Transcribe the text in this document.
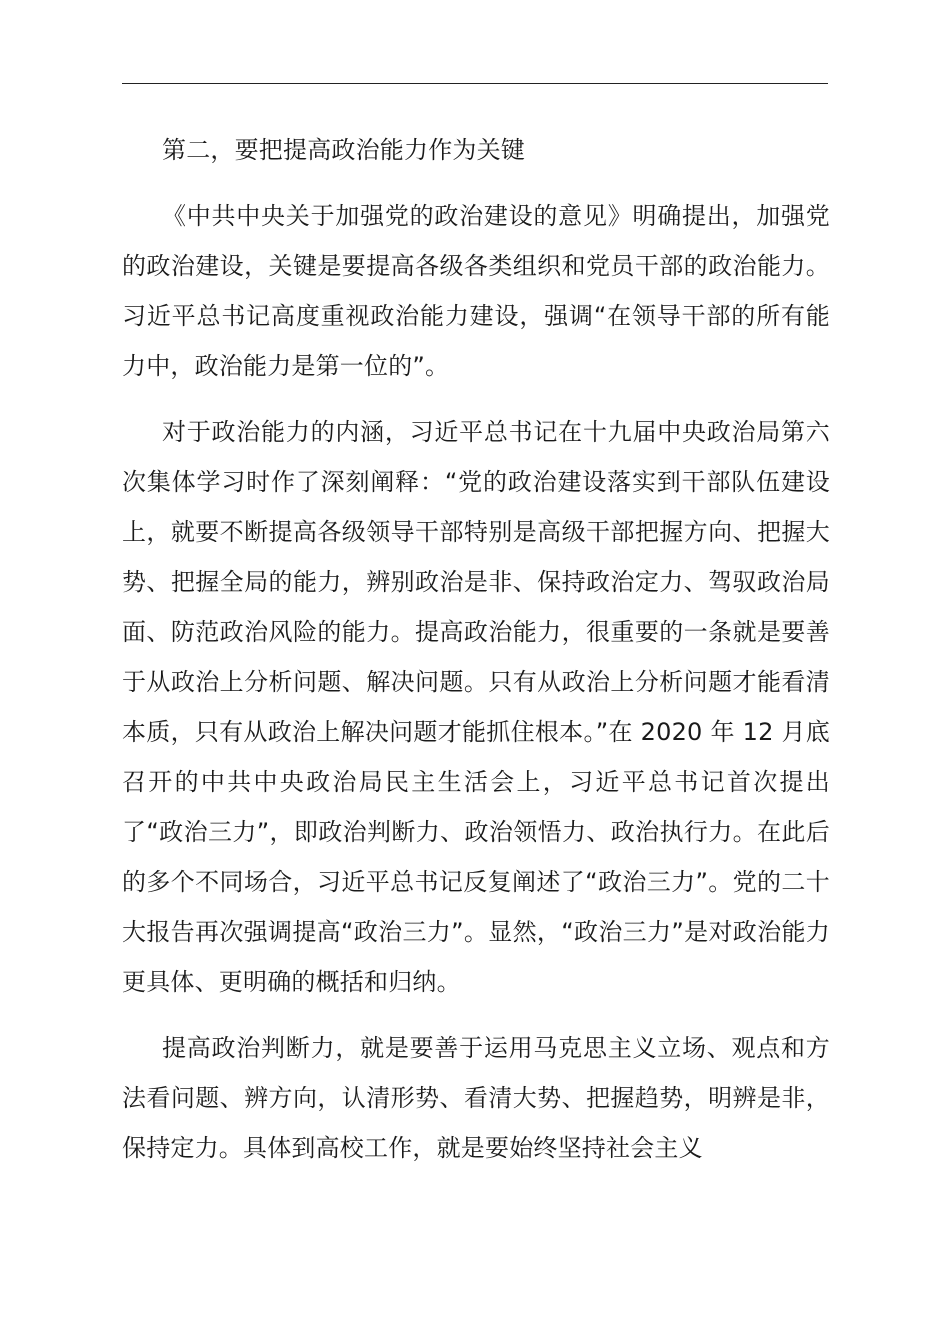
第二，要把提高政治能力作为关键

《中共中央关于加强党的政治建设的意见》明确提出，加强党的政治建设，关键是要提高各级各类组织和党员干部的政治能力。习近平总书记高度重视政治能力建设，强调“在领导干部的所有能力中，政治能力是第一位的”。

对于政治能力的内涵，习近平总书记在十九届中央政治局第六次集体学习时作了深刻阐释：“党的政治建设落实到干部队伍建设上，就要不断提高各级领导干部特别是高级干部把握方向、把握大势、把握全局的能力，辨别政治是非、保持政治定力、驾驭政治局面、防范政治风险的能力。提高政治能力，很重要的一条就是要善于从政治上分析问题、解决问题。只有从政治上分析问题才能看清本质，只有从政治上解决问题才能抓住根本。”在 2020 年 12 月底召开的中共中央政治局民主生活会上，习近平总书记首次提出了“政治三力”，即政治判断力、政治领悟力、政治执行力。在此后的多个不同场合，习近平总书记反复阐述了“政治三力”。党的二十大报告再次强调提高“政治三力”。显然，“政治三力”是对政治能力更具体、更明确的概括和归纳。

提高政治判断力，就是要善于运用马克思主义立场、观点和方法看问题、辨方向，认清形势、看清大势、把握趋势，明辨是非，保持定力。具体到高校工作，就是要始终坚持社会主义
